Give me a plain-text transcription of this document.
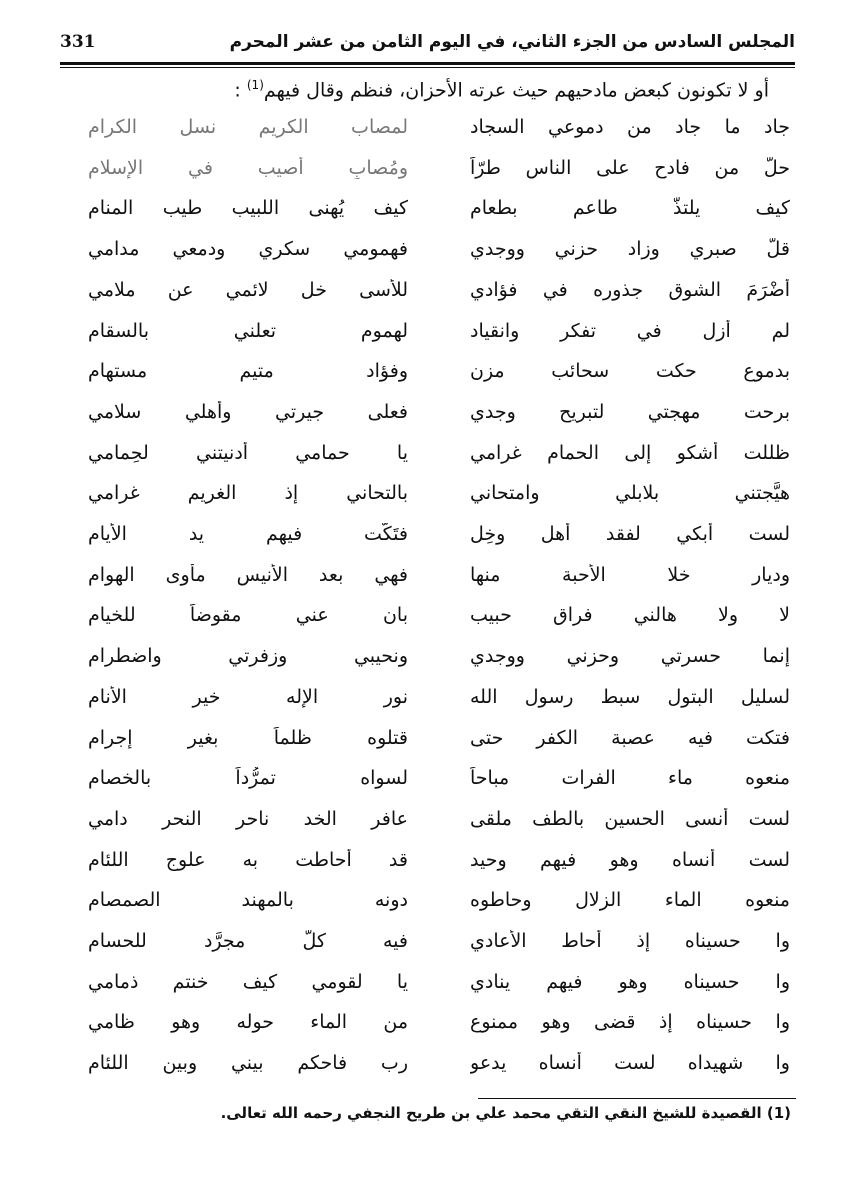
المجلس السادس من الجزء الثاني، في اليوم الثامن من عشر المحرم
331
أو لا تكونون كبعض مادحيهم حيث عرته الأحزان، فنظم وقال فيهم$^{(1)}$ :
جاد ما جاد من دموعي السجاد
لمصاب الكريم نسل الكرام
حلَّ من فادح على الناس طرّاً
ومُصابٍ أُصيب في الإسلام
كيف يلتذُّ طاعم بطعام
كيف يُهنى اللبيب طيب المنام
قلَّ صبري وزاد حزني ووجدي
فهمومي سكري ودمعي مدامي
أضْرَمَ الشوق جذوره في فؤادي
للأسى خل لائمي عن ملامي
لم أزل في تفكر وانقياد
لهموم تعلني بالسقام
بدموع حكت سحائب مزن
وفؤاد متيم مستهام
برحت مهجتي لتبريح وجدي
فعلى جيرتي وأهلي سلامي
ظللت أشكو إلى الحمام غرامي
يا حمامي أدنيتني لحِمامي
هيَّجتني بلابلي وامتحاني
بالتحاني إذ الغريم غرامي
لست أبكي لفقد أهل وخِل
فتَكَّت فيهم يد الأيام
وديار خلا الأحبة منها
فهي بعد الأنيس مأوى الهوام
لا ولا هالني فراق حبيب
بان عني مقوضاً للخيام
إنما حسرتي وحزني ووجدي
ونحيبي وزفرتي واضطرام
لسليل البتول سبط رسول الله
نور الإله خير الأنام
فتكت فيه عصبة الكفر حتى
قتلوه ظلماً بغير إجرام
منعوه ماء الفرات مباحاً
لسواه تمرُّداً بالخصام
لست أنسى الحسين بالطف ملقى
عافر الخد ناحر النحر دامي
لست أنساه وهو فيهم وحيد
قد أحاطت به علوج اللئام
منعوه الماء الزلال وحاطوه
دونه بالمهند الصمصام
وا حسيناه إذ أحاط الأعادي
فيه كلُّ مجرَّد للحسام
وا حسيناه وهو فيهم ينادي
يا لقومي كيف خنتم ذمامي
وا حسيناه إذ قضى وهو ممنوع
من الماء حوله وهو ظامي
وا شهيداه لست أنساه يدعو
رب فاحكم بيني وبين اللئام
(1) القصيدة للشيخ النقي التقي محمد علي بن طريح النجفي رحمه الله تعالى.
